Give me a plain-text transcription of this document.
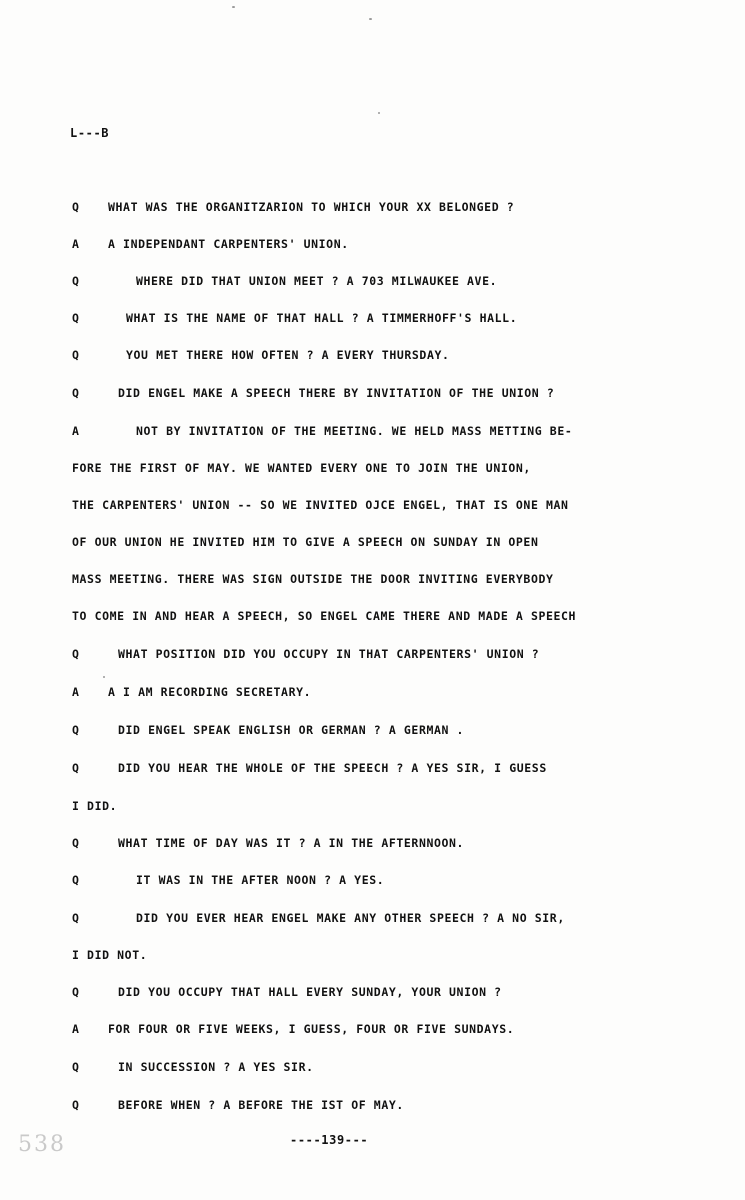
L---B
Q WHAT WAS THE ORGANITZARION TO WHICH YOUR XX BELONGED ?
A A INDEPENDANT CARPENTERS' UNION.
Q	WHERE DID THAT UNION MEET ? A 703 MILWAUKEE AVE.
Q	WHAT IS THE NAME OF THAT HALL ? A TIMMERHOFF'S HALL.
Q	YOU MET THERE HOW OFTEN ? A EVERY THURSDAY.
Q	DID ENGEL MAKE A SPEECH THERE BY INVITATION OF THE UNION ?
A	NOT BY INVITATION OF THE MEETING. WE HELD MASS METTING BE-
FORE THE FIRST OF MAY. WE WANTED EVERY ONE TO JOIN THE UNION,
THE CARPENTERS' UNION -- SO WE INVITED OJCE ENGEL, THAT IS ONE MAN
OF OUR UNION HE INVITED HIM TO GIVE A SPEECH ON SUNDAY IN OPEN
MASS MEETING. THERE WAS SIGN OUTSIDE THE DOOR INVITING EVERYBODY
TO COME IN AND HEAR A SPEECH, SO ENGEL CAME THERE AND MADE A SPEECH
Q	WHAT POSITION DID YOU OCCUPY IN THAT CARPENTERS' UNION ?
A A I AM RECORDING SECRETARY.
Q	DID ENGEL SPEAK ENGLISH OR GERMAN ? A GERMAN .
Q	DID YOU HEAR THE WHOLE OF THE SPEECH ? A YES SIR, I GUESS
I DID.
Q	WHAT TIME OF DAY WAS IT ? A IN THE AFTERNNOON.
Q	IT WAS IN THE AFTER NOON ? A YES.
Q	DID YOU EVER HEAR ENGEL MAKE ANY OTHER SPEECH ? A NO SIR,
I DID NOT.
Q	DID YOU OCCUPY THAT HALL EVERY SUNDAY, YOUR UNION ?
A FOR FOUR OR FIVE WEEKS, I GUESS, FOUR OR FIVE SUNDAYS.
Q	IN SUCCESSION ? A YES SIR.
Q	BEFORE WHEN ? A BEFORE THE IST OF MAY.
538	----139---
